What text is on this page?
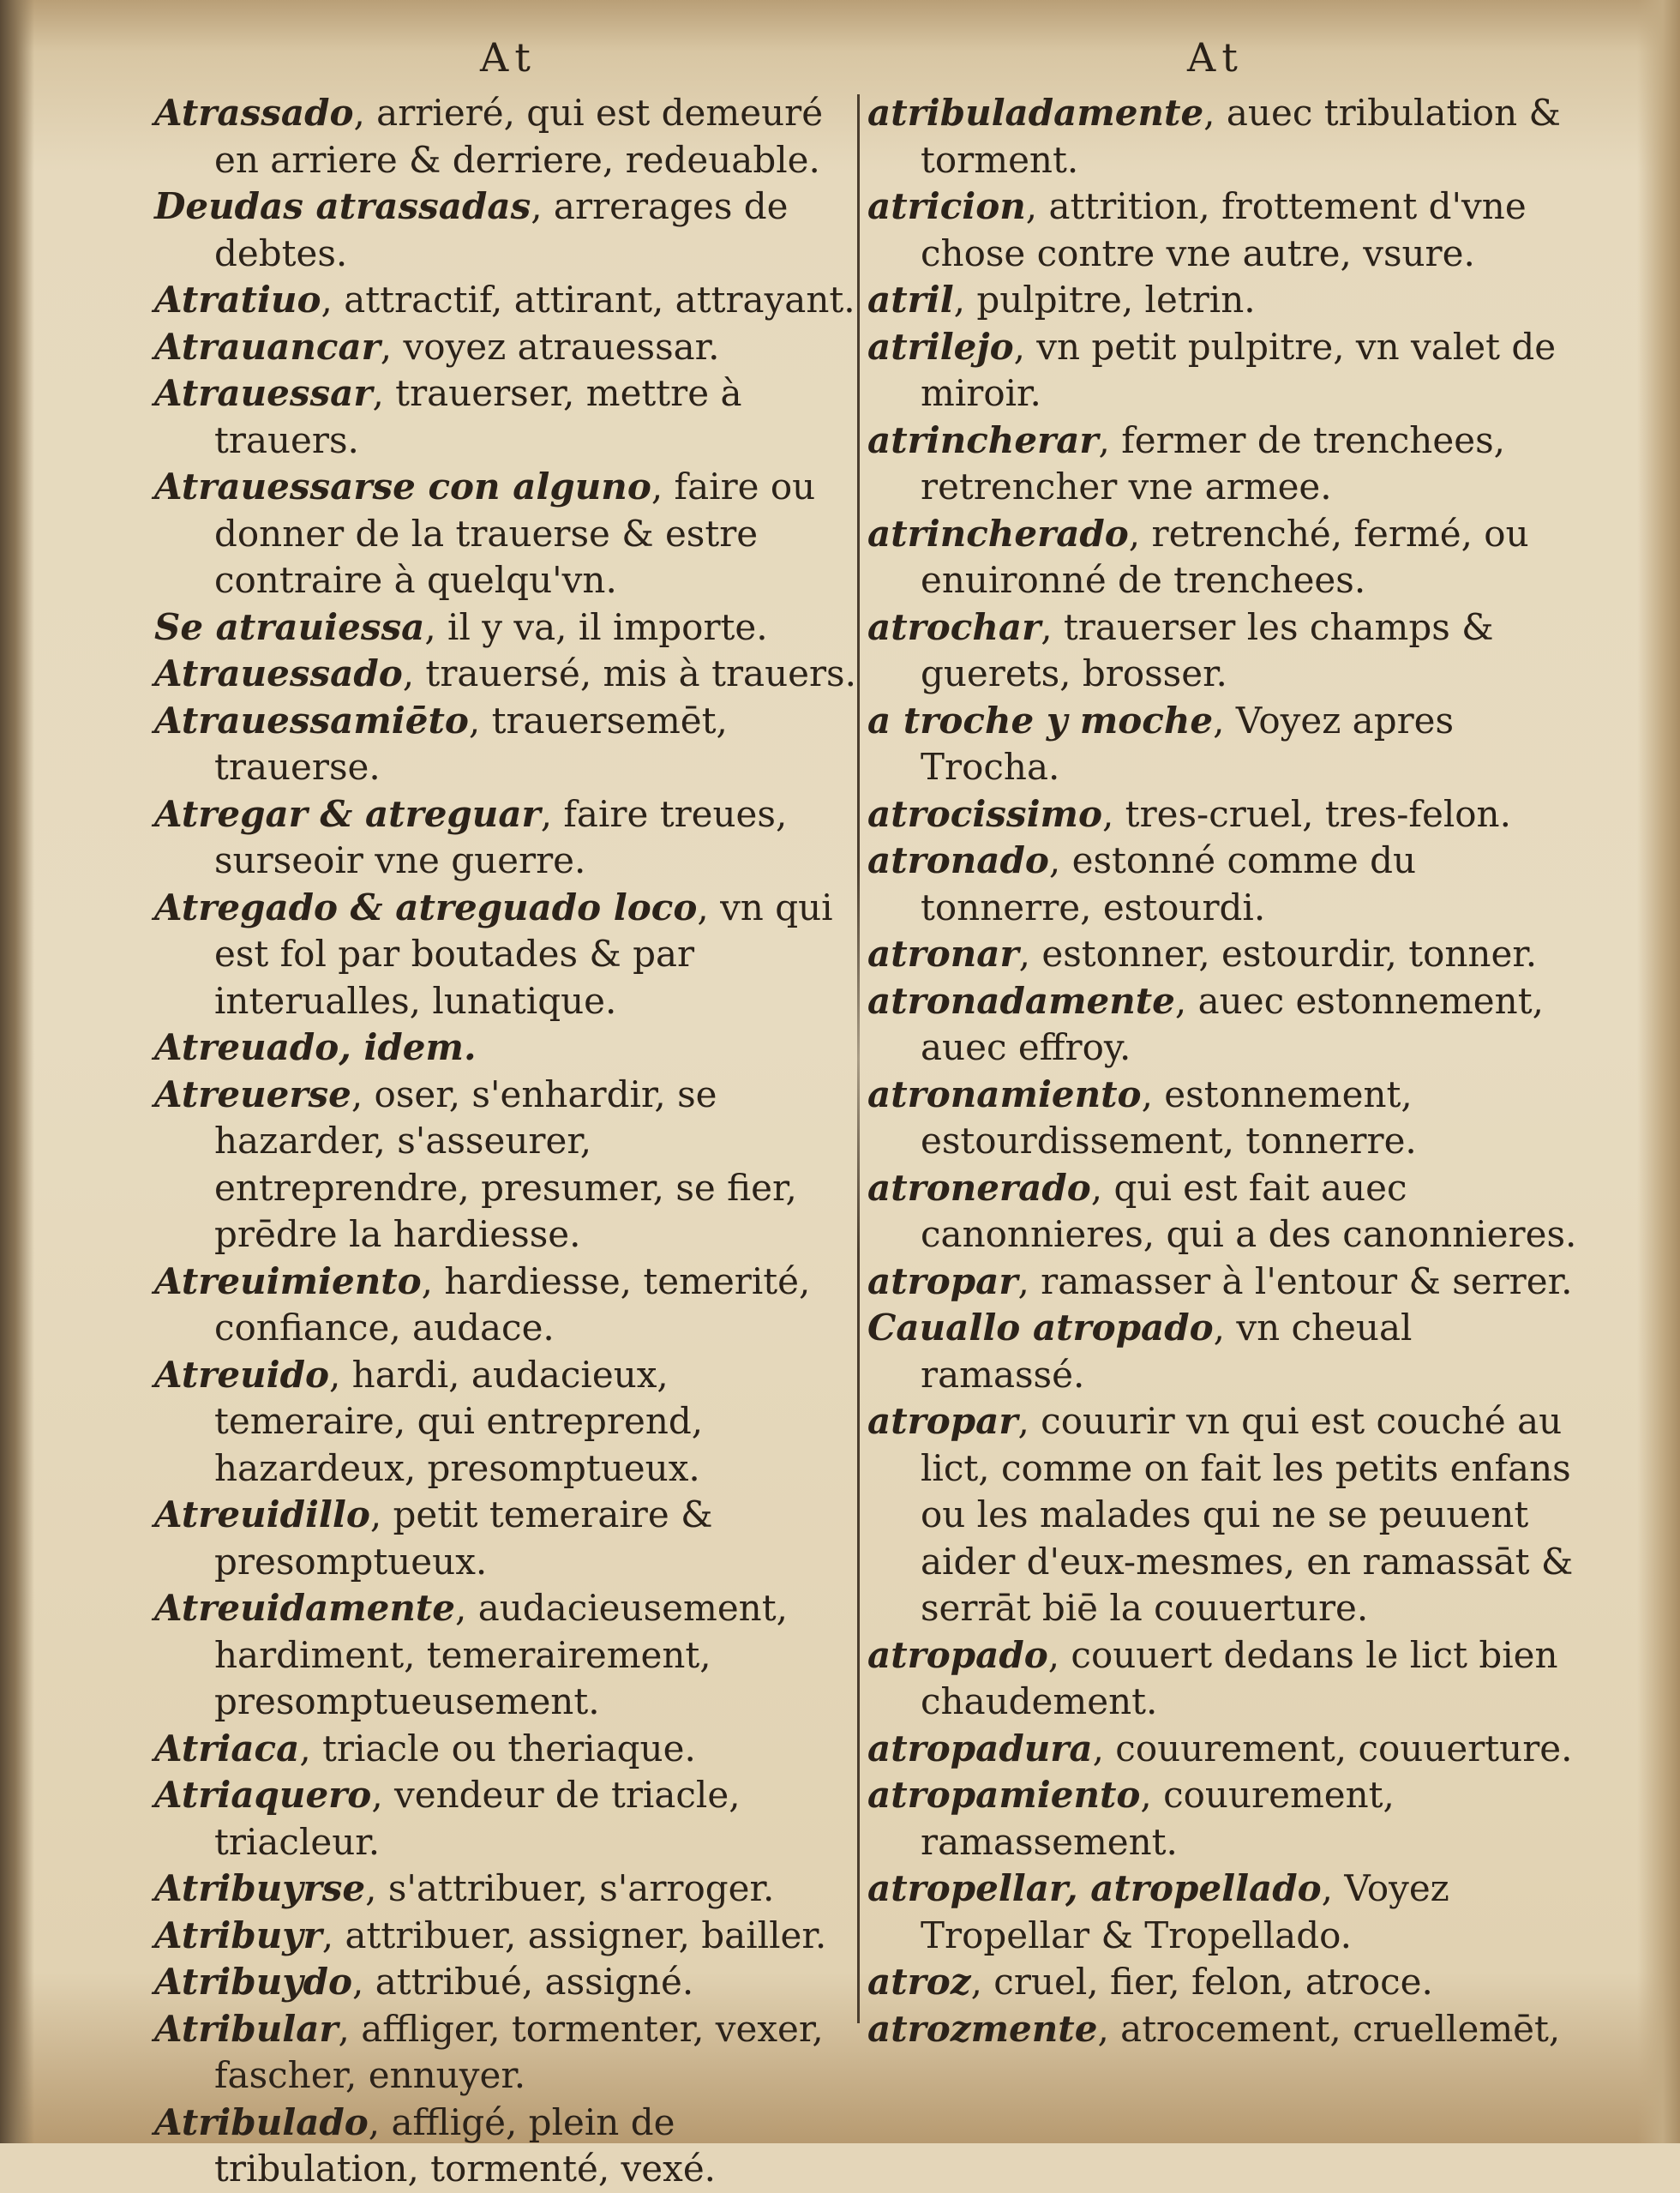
At	At

Atrassado, arrieré, qui est demeuré en arriere & derriere, redeuable.

Deudas atrassadas, arrerages de debtes.

Atratiuo, attractif, attirant, attrayant.

Atrauancar, voyez atrauessar.

Atrauessar, trauerser, mettre à trauers.

Atrauessarse con alguno, faire ou donner de la trauerse & estre contraire à quelqu'vn.

Se atrauiessa, il y va, il importe.

Atrauessado, trauersé, mis à trauers.

Atrauessamiēto, trauersemēt, trauerse.

Atregar & atreguar, faire treues, surseoir vne guerre.

Atregado & atreguado loco, vn qui est fol par boutades & par interualles, lunatique.

Atreuado, idem.

Atreuerse, oser, s'enhardir, se hazarder, s'asseurer, entreprendre, presumer, se fier, prēdre la hardiesse.

Atreuimiento, hardiesse, temerité, confiance, audace.

Atreuido, hardi, audacieux, temeraire, qui entreprend, hazardeux, presomptueux.

Atreuidillo, petit temeraire & presomptueux.

Atreuidamente, audacieusement, hardiment, temerairement, presomptueusement.

Atriaca, triacle ou theriaque.

Atriaquero, vendeur de triacle, triacleur.

Atribuyrse, s'attribuer, s'arroger.

Atribuyr, attribuer, assigner, bailler.

Atribuydo, attribué, assigné.

Atribular, affliger, tormenter, vexer, fascher, ennuyer.

Atribulado, affligé, plein de tribulation, tormenté, vexé.

atribuladamente, auec tribulation & torment.

atricion, attrition, frottement d'vne chose contre vne autre, vsure.

atril, pulpitre, letrin.

atrilejo, vn petit pulpitre, vn valet de miroir.

atrincherar, fermer de trenchees, retrencher vne armee.

atrincherado, retrenché, fermé, ou enuironné de trenchees.

atrochar, trauerser les champs & guerets, brosser.

a troche y moche, Voyez apres Trocha.

atrocissimo, tres-cruel, tres-felon.

atronado, estonné comme du tonnerre, estourdi.

atronar, estonner, estourdir, tonner.

atronadamente, auec estonnement, auec effroy.

atronamiento, estonnement, estourdissement, tonnerre.

atronerado, qui est fait auec canonnieres, qui a des canonnieres.

atropar, ramasser à l'entour & serrer.

Cauallo atropado, vn cheual ramassé.

atropar, couurir vn qui est couché au lict, comme on fait les petits enfans ou les malades qui ne se peuuent aider d'eux-mesmes, en ramassāt & serrāt biē la couuerture.

atropado, couuert dedans le lict bien chaudement.

atropadura, couurement, couuerture.

atropamiento, couurement, ramassement.

atropellar, atropellado, Voyez Tropellar & Tropellado.

atroz, cruel, fier, felon, atroce.

atrozmente, atrocement, cruellemēt,
